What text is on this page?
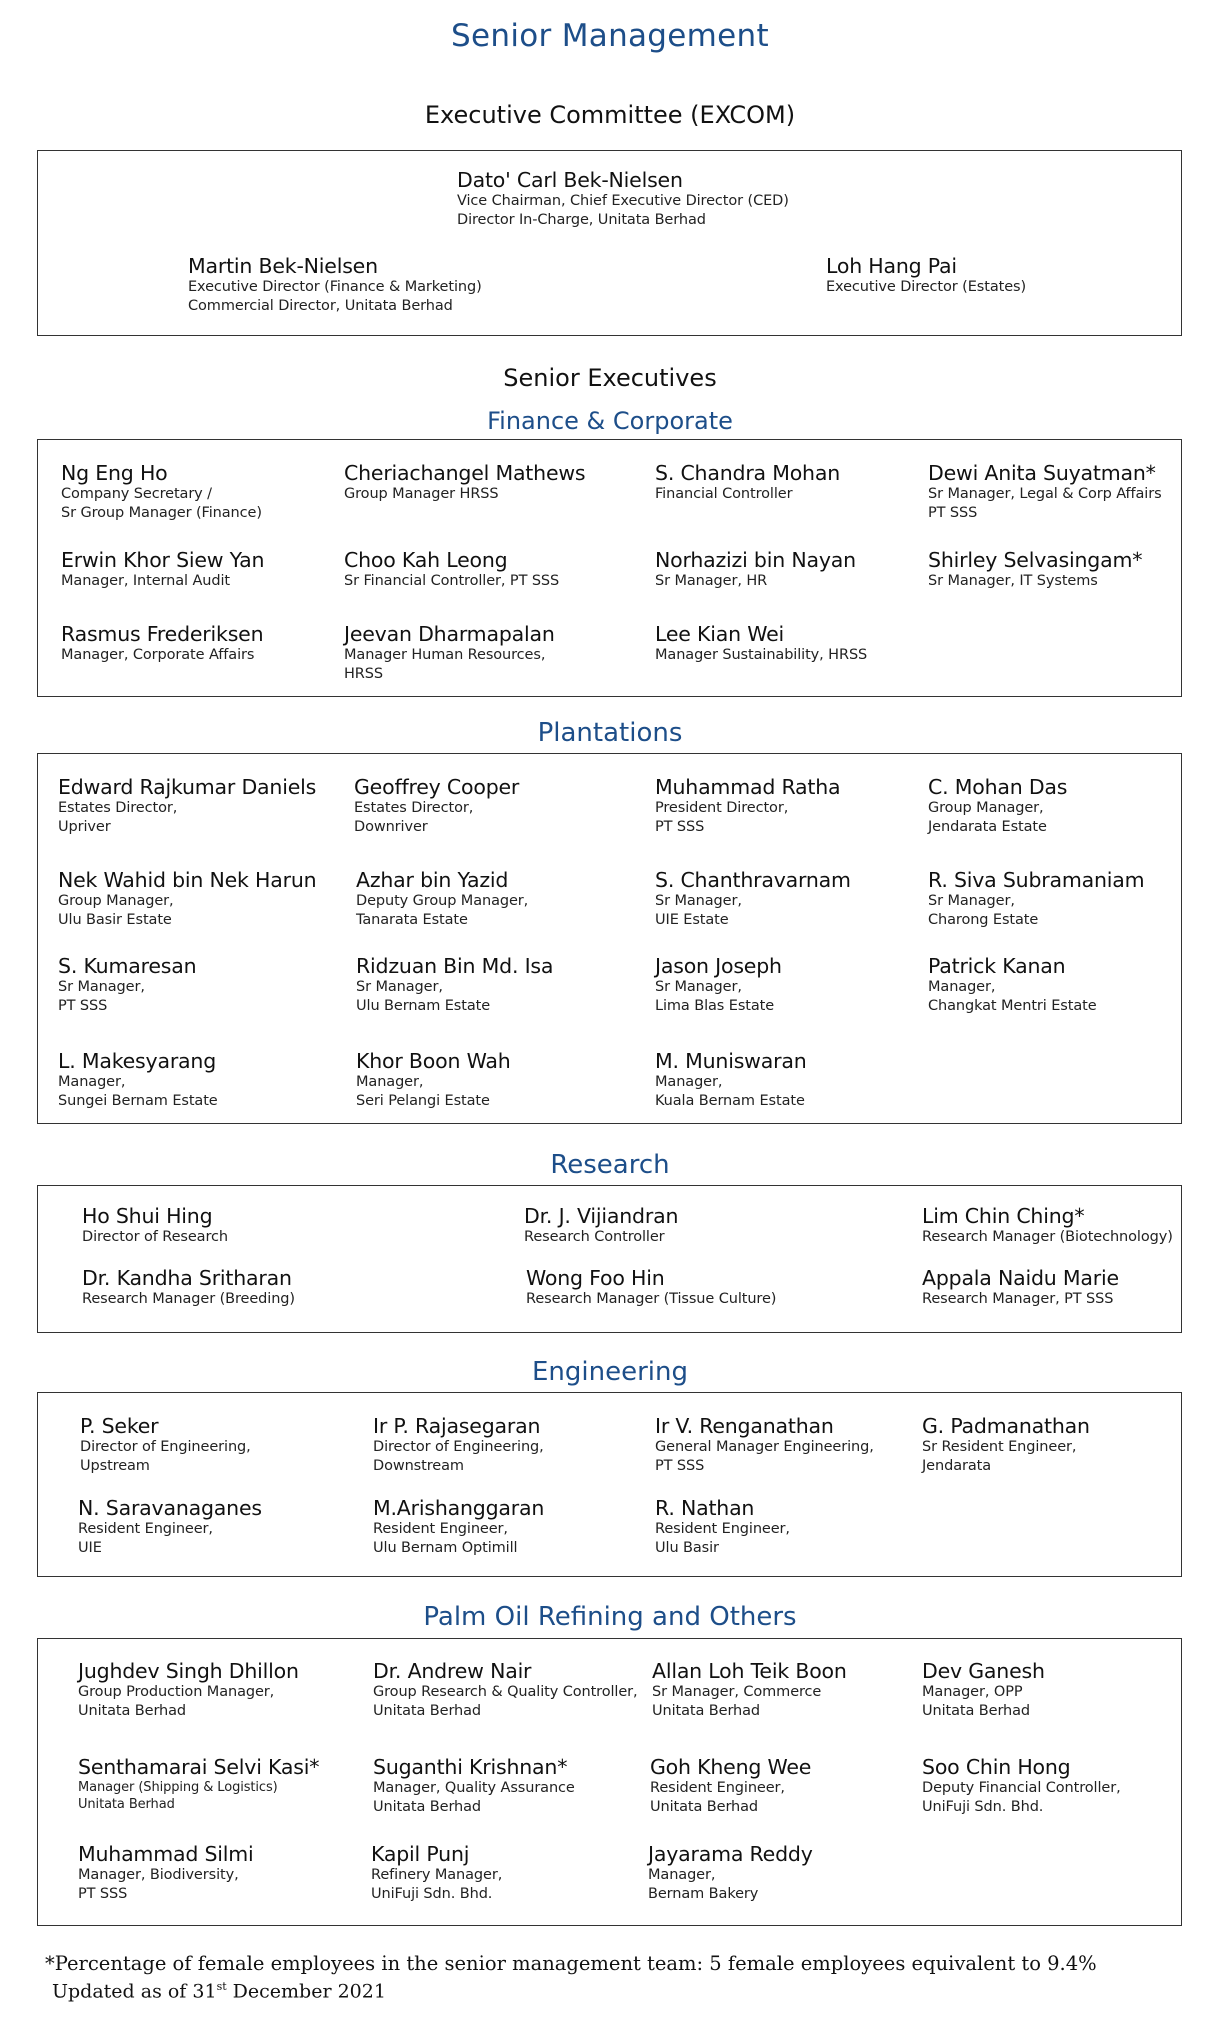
Senior Management
Executive Committee (EXCOM)
Senior Executives
Finance & Corporate
Plantations
Research
Engineering
Palm Oil Refining and Others
*Percentage of female employees in the senior management team: 5 female employees equivalent to 9.4%
Updated as of 31st December 2021
Dato' Carl Bek-Nielsen
Vice Chairman, Chief Executive Director (CED)
Director In-Charge, Unitata Berhad
Martin Bek-Nielsen
Executive Director (Finance & Marketing)
Commercial Director, Unitata Berhad
Loh Hang Pai
Executive Director (Estates)
Ng Eng Ho
Company Secretary /
Sr Group Manager (Finance)
Cheriachangel Mathews
Group Manager HRSS
S. Chandra Mohan
Financial Controller
Dewi Anita Suyatman*
Sr Manager, Legal & Corp Affairs
PT SSS
Erwin Khor Siew Yan
Manager, Internal Audit
Choo Kah Leong
Sr Financial Controller, PT SSS
Norhazizi bin Nayan
Sr Manager, HR
Shirley Selvasingam*
Sr Manager, IT Systems
Rasmus Frederiksen
Manager, Corporate Affairs
Jeevan Dharmapalan
Manager Human Resources,
HRSS
Lee Kian Wei
Manager Sustainability, HRSS
Edward Rajkumar Daniels
Estates Director,
Upriver
Geoffrey Cooper
Estates Director,
Downriver
Muhammad Ratha
President Director,
PT SSS
C. Mohan Das
Group Manager,
Jendarata Estate
Nek Wahid bin Nek Harun
Group Manager,
Ulu Basir Estate
Azhar bin Yazid
Deputy Group Manager,
Tanarata Estate
S. Chanthravarnam
Sr Manager,
UIE Estate
R. Siva Subramaniam
Sr Manager,
Charong Estate
S. Kumaresan
Sr Manager,
PT SSS
Ridzuan Bin Md. Isa
Sr Manager,
Ulu Bernam Estate
Jason Joseph
Sr Manager,
Lima Blas Estate
Patrick Kanan
Manager,
Changkat Mentri Estate
L. Makesyarang
Manager,
Sungei Bernam Estate
Khor Boon Wah
Manager,
Seri Pelangi Estate
M. Muniswaran
Manager,
Kuala Bernam Estate
Ho Shui Hing
Director of Research
Dr. J. Vijiandran
Research Controller
Lim Chin Ching*
Research Manager (Biotechnology)
Dr. Kandha Sritharan
Research Manager (Breeding)
Wong Foo Hin
Research Manager (Tissue Culture)
Appala Naidu Marie
Research Manager, PT SSS
P. Seker
Director of Engineering,
Upstream
Ir P. Rajasegaran
Director of Engineering,
Downstream
Ir V. Renganathan
General Manager Engineering,
PT SSS
G. Padmanathan
Sr Resident Engineer,
Jendarata
N. Saravanaganes
Resident Engineer,
UIE
M.Arishanggaran
Resident Engineer,
Ulu Bernam Optimill
R. Nathan
Resident Engineer,
Ulu Basir
Jughdev Singh Dhillon
Group Production Manager,
Unitata Berhad
Dr. Andrew Nair
Group Research & Quality Controller,
Unitata Berhad
Allan Loh Teik Boon
Sr Manager, Commerce
Unitata Berhad
Dev Ganesh
Manager, OPP
Unitata Berhad
Senthamarai Selvi Kasi*
Manager (Shipping & Logistics)
Unitata Berhad
Suganthi Krishnan*
Manager, Quality Assurance
Unitata Berhad
Goh Kheng Wee
Resident Engineer,
Unitata Berhad
Soo Chin Hong
Deputy Financial Controller,
UniFuji Sdn. Bhd.
Muhammad Silmi
Manager, Biodiversity,
PT SSS
Kapil Punj
Refinery Manager,
UniFuji Sdn. Bhd.
Jayarama Reddy
Manager,
Bernam Bakery
